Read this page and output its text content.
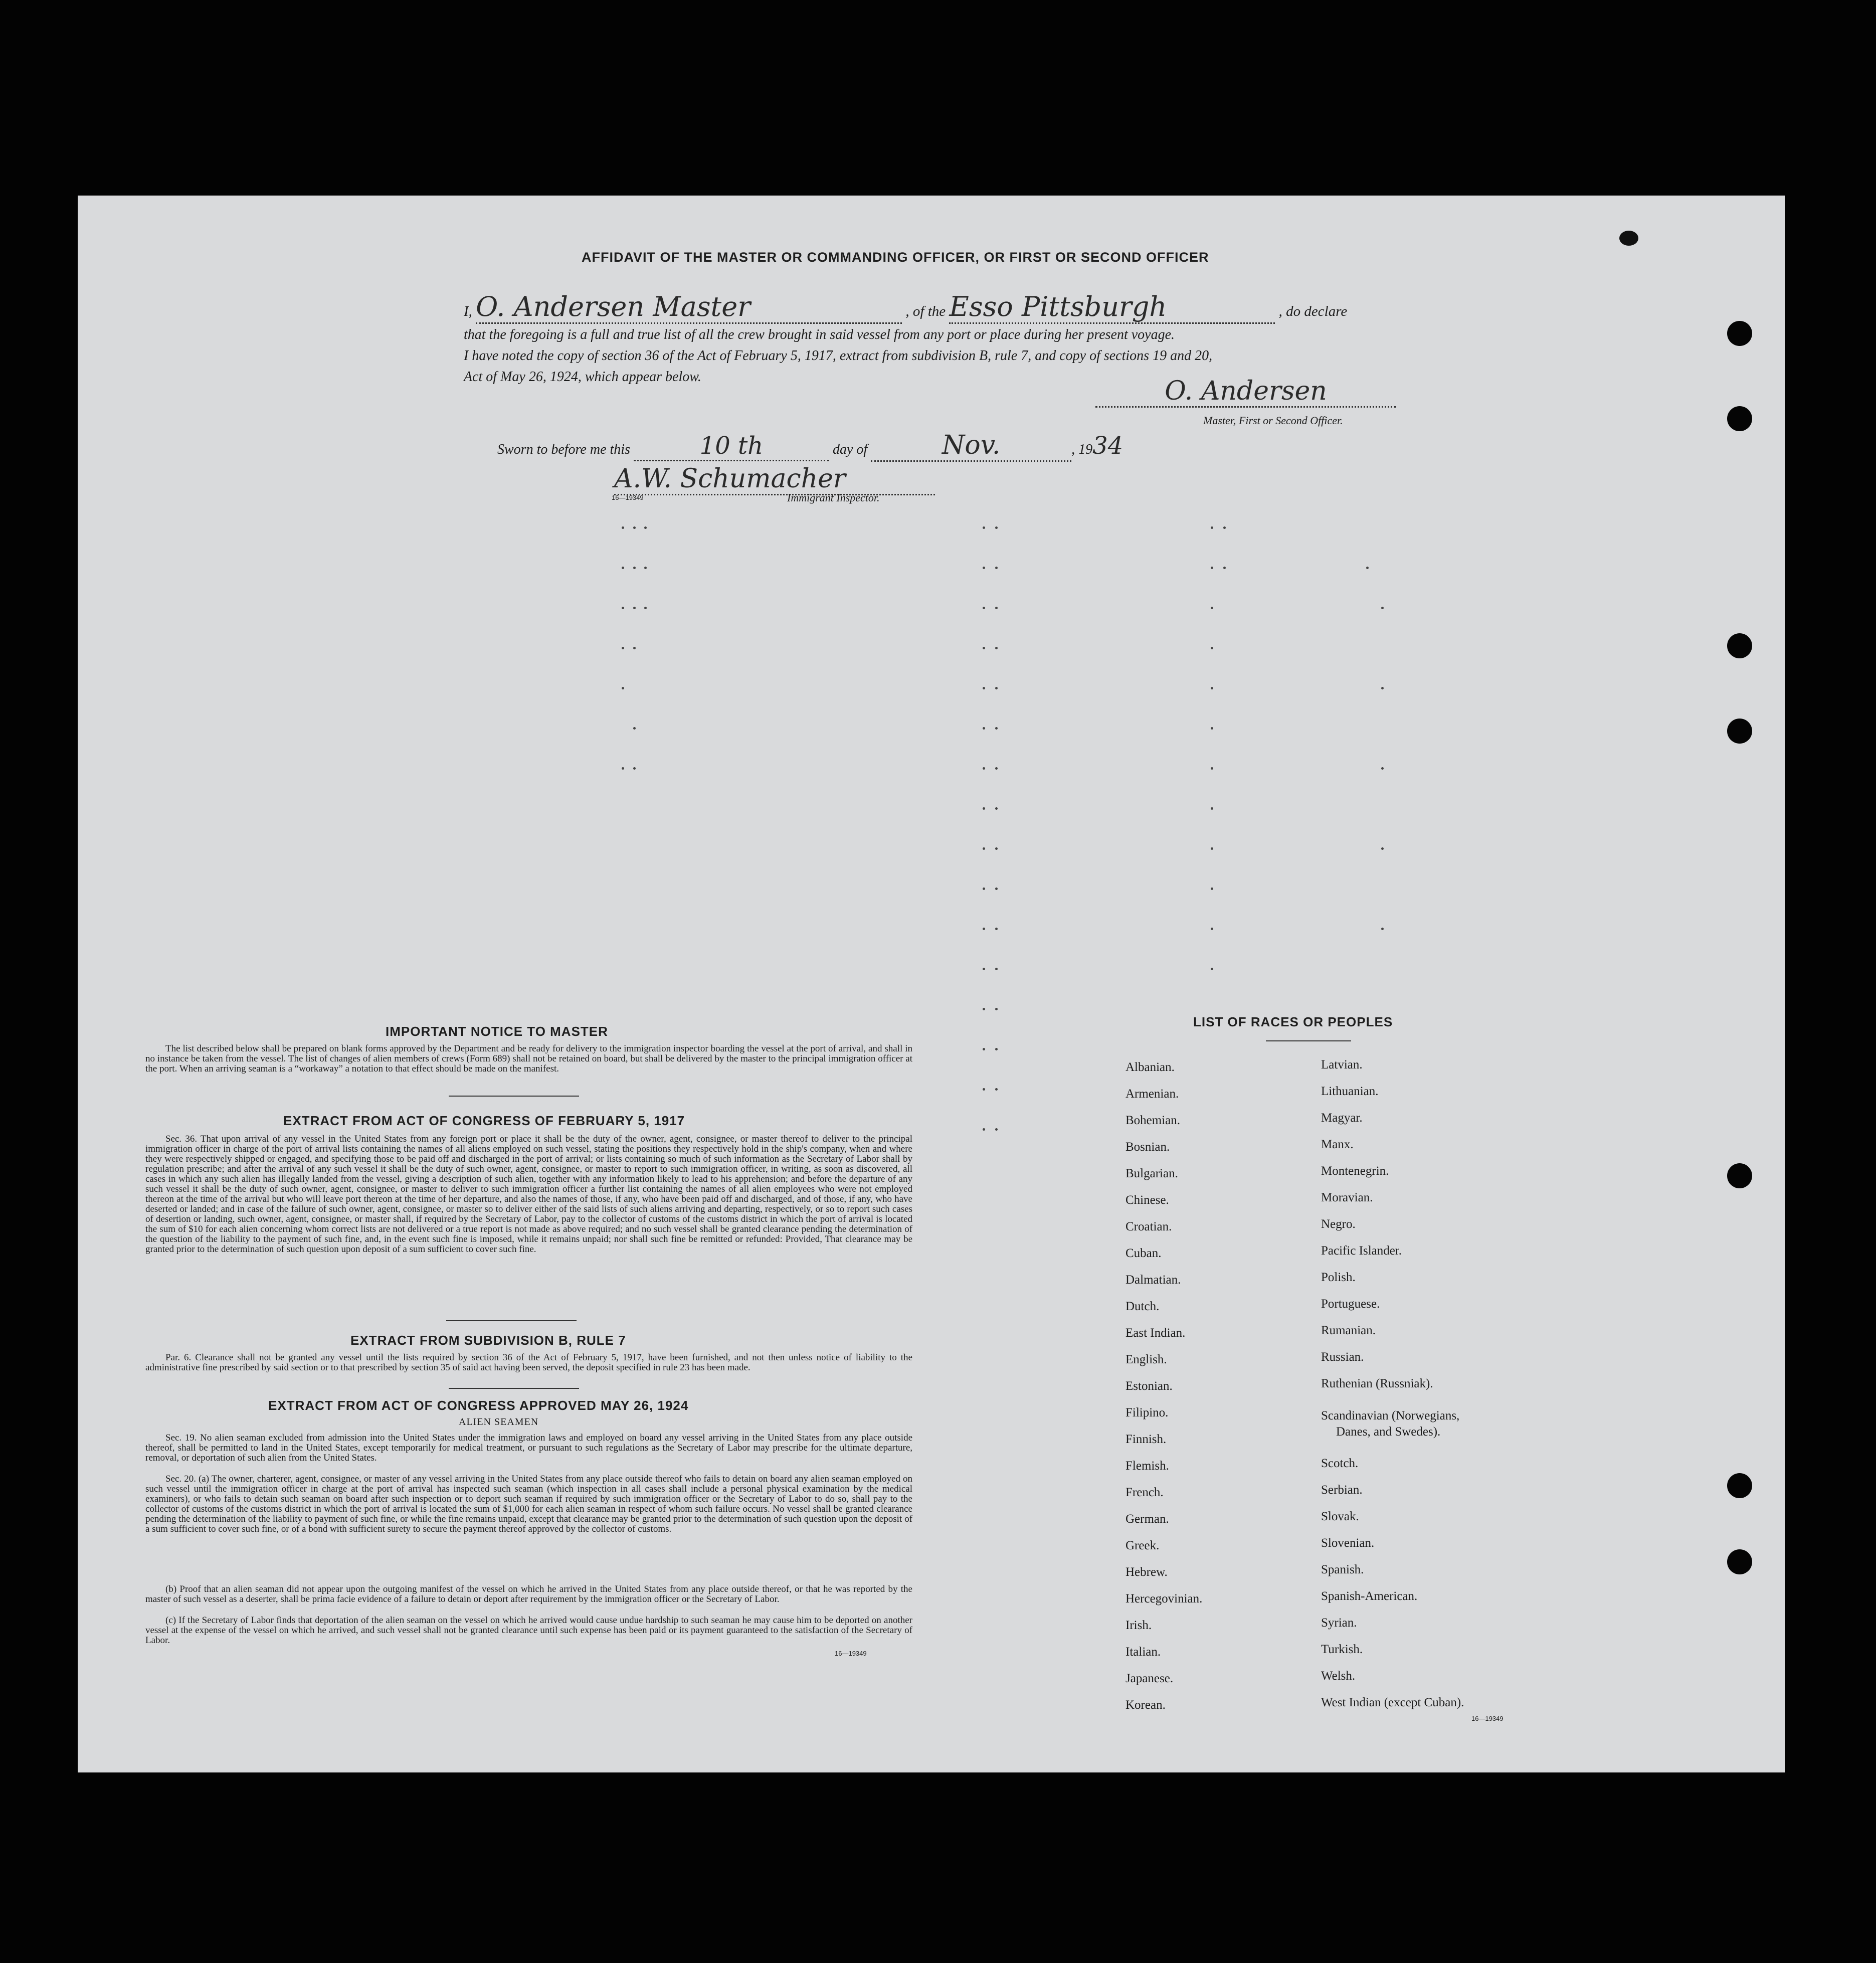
AFFIDAVIT OF THE MASTER OR COMMANDING OFFICER, OR FIRST OR SECOND OFFICER
I, O. Andersen Master	, of the Esso Pittsburgh	, do declare
that the foregoing is a full and true list of all the crew brought in said vessel from any port or place during her present voyage.
I have noted the copy of section 36 of the Act of February 5, 1917, extract from subdivision B, rule 7, and copy of sections 19 and 20,
Act of May 26, 1924, which appear below.	O. Andersen
Master, First or Second Officer.
Sworn to before me this	10 th	day of	Nov.	, 1934
A.W. Schumacher
16—19349	Immigrant Inspector.
IMPORTANT NOTICE TO MASTER
The list described below shall be prepared on blank forms approved by the Department and be ready for delivery to the immigration inspector boarding the vessel at the port of arrival, and shall in no instance be taken from the vessel. The list of changes of alien members of crews (Form 689) shall not be retained on board, but shall be delivered by the master to the principal immigration officer at the port. When an arriving seaman is a “workaway” a notation to that effect should be made on the manifest.
EXTRACT FROM ACT OF CONGRESS OF FEBRUARY 5, 1917
Sec. 36. That upon arrival of any vessel in the United States from any foreign port or place it shall be the duty of the owner, agent, consignee, or master thereof to deliver to the principal immigration officer in charge of the port of arrival lists containing the names of all aliens employed on such vessel, stating the positions they respectively hold in the ship's company, when and where they were respectively shipped or engaged, and specifying those to be paid off and discharged in the port of arrival; or lists containing so much of such information as the Secretary of Labor shall by regulation prescribe; and after the arrival of any such vessel it shall be the duty of such owner, agent, consignee, or master to report to such immigration officer, in writing, as soon as discovered, all cases in which any such alien has illegally landed from the vessel, giving a description of such alien, together with any information likely to lead to his apprehension; and before the departure of any such vessel it shall be the duty of such owner, agent, consignee, or master to deliver to such immigration officer a further list containing the names of all alien employees who were not employed thereon at the time of the arrival but who will leave port thereon at the time of her departure, and also the names of those, if any, who have been paid off and discharged, and of those, if any, who have deserted or landed; and in case of the failure of such owner, agent, consignee, or master so to deliver either of the said lists of such aliens arriving and departing, respectively, or so to report such cases of desertion or landing, such owner, agent, consignee, or master shall, if required by the Secretary of Labor, pay to the collector of customs of the customs district in which the port of arrival is located the sum of $10 for each alien concerning whom correct lists are not delivered or a true report is not made as above required; and no such vessel shall be granted clearance pending the determination of the question of the liability to the payment of such fine, and, in the event such fine is imposed, while it remains unpaid; nor shall such fine be remitted or refunded: Provided, That clearance may be granted prior to the determination of such question upon deposit of a sum sufficient to cover such fine.
EXTRACT FROM SUBDIVISION B, RULE 7
Par. 6. Clearance shall not be granted any vessel until the lists required by section 36 of the Act of February 5, 1917, have been furnished, and not then unless notice of liability to the administrative fine prescribed by said section or to that prescribed by section 35 of said act having been served, the deposit specified in rule 23 has been made.
EXTRACT FROM ACT OF CONGRESS APPROVED MAY 26, 1924
ALIEN SEAMEN
Sec. 19. No alien seaman excluded from admission into the United States under the immigration laws and employed on board any vessel arriving in the United States from any place outside thereof, shall be permitted to land in the United States, except temporarily for medical treatment, or pursuant to such regulations as the Secretary of Labor may prescribe for the ultimate departure, removal, or deportation of such alien from the United States.
Sec. 20. (a) The owner, charterer, agent, consignee, or master of any vessel arriving in the United States from any place outside thereof who fails to detain on board any alien seaman employed on such vessel until the immigration officer in charge at the port of arrival has inspected such seaman (which inspection in all cases shall include a personal physical examination by the medical examiners), or who fails to detain such seaman on board after such inspection or to deport such seaman if required by such immigration officer or the Secretary of Labor to do so, shall pay to the collector of customs of the customs district in which the port of arrival is located the sum of $1,000 for each alien seaman in respect of whom such failure occurs. No vessel shall be granted clearance pending the determination of the liability to payment of such fine, or while the fine remains unpaid, except that clearance may be granted prior to the determination of such question upon the deposit of a sum sufficient to cover such fine, or of a bond with sufficient surety to secure the payment thereof approved by the collector of customs.
(b) Proof that an alien seaman did not appear upon the outgoing manifest of the vessel on which he arrived in the United States from any place outside thereof, or that he was reported by the master of such vessel as a deserter, shall be prima facie evidence of a failure to detain or deport after requirement by the immigration officer or the Secretary of Labor.
(c) If the Secretary of Labor finds that deportation of the alien seaman on the vessel on which he arrived would cause undue hardship to such seaman he may cause him to be deported on another vessel at the expense of the vessel on which he arrived, and such vessel shall not be granted clearance until such expense has been paid or its payment guaranteed to the satisfaction of the Secretary of Labor.
16—19349
LIST OF RACES OR PEOPLES
Albanian.
Armenian.
Bohemian.
Bosnian.
Bulgarian.
Chinese.
Croatian.
Cuban.
Dalmatian.
Dutch.
East Indian.
English.
Estonian.
Filipino.
Finnish.
Flemish.
French.
German.
Greek.
Hebrew.
Hercegovinian.
Irish.
Italian.
Japanese.
Korean.
Latvian.
Lithuanian.
Magyar.
Manx.
Montenegrin.
Moravian.
Negro.
Pacific Islander.
Polish.
Portuguese.
Rumanian.
Russian.
Ruthenian (Russniak).
Scandinavian (Norwegians,
Danes, and Swedes).
Scotch.
Serbian.
Slovak.
Slovenian.
Spanish.
Spanish-American.
Syrian.
Turkish.
Welsh.
West Indian (except Cuban).
16—19349
